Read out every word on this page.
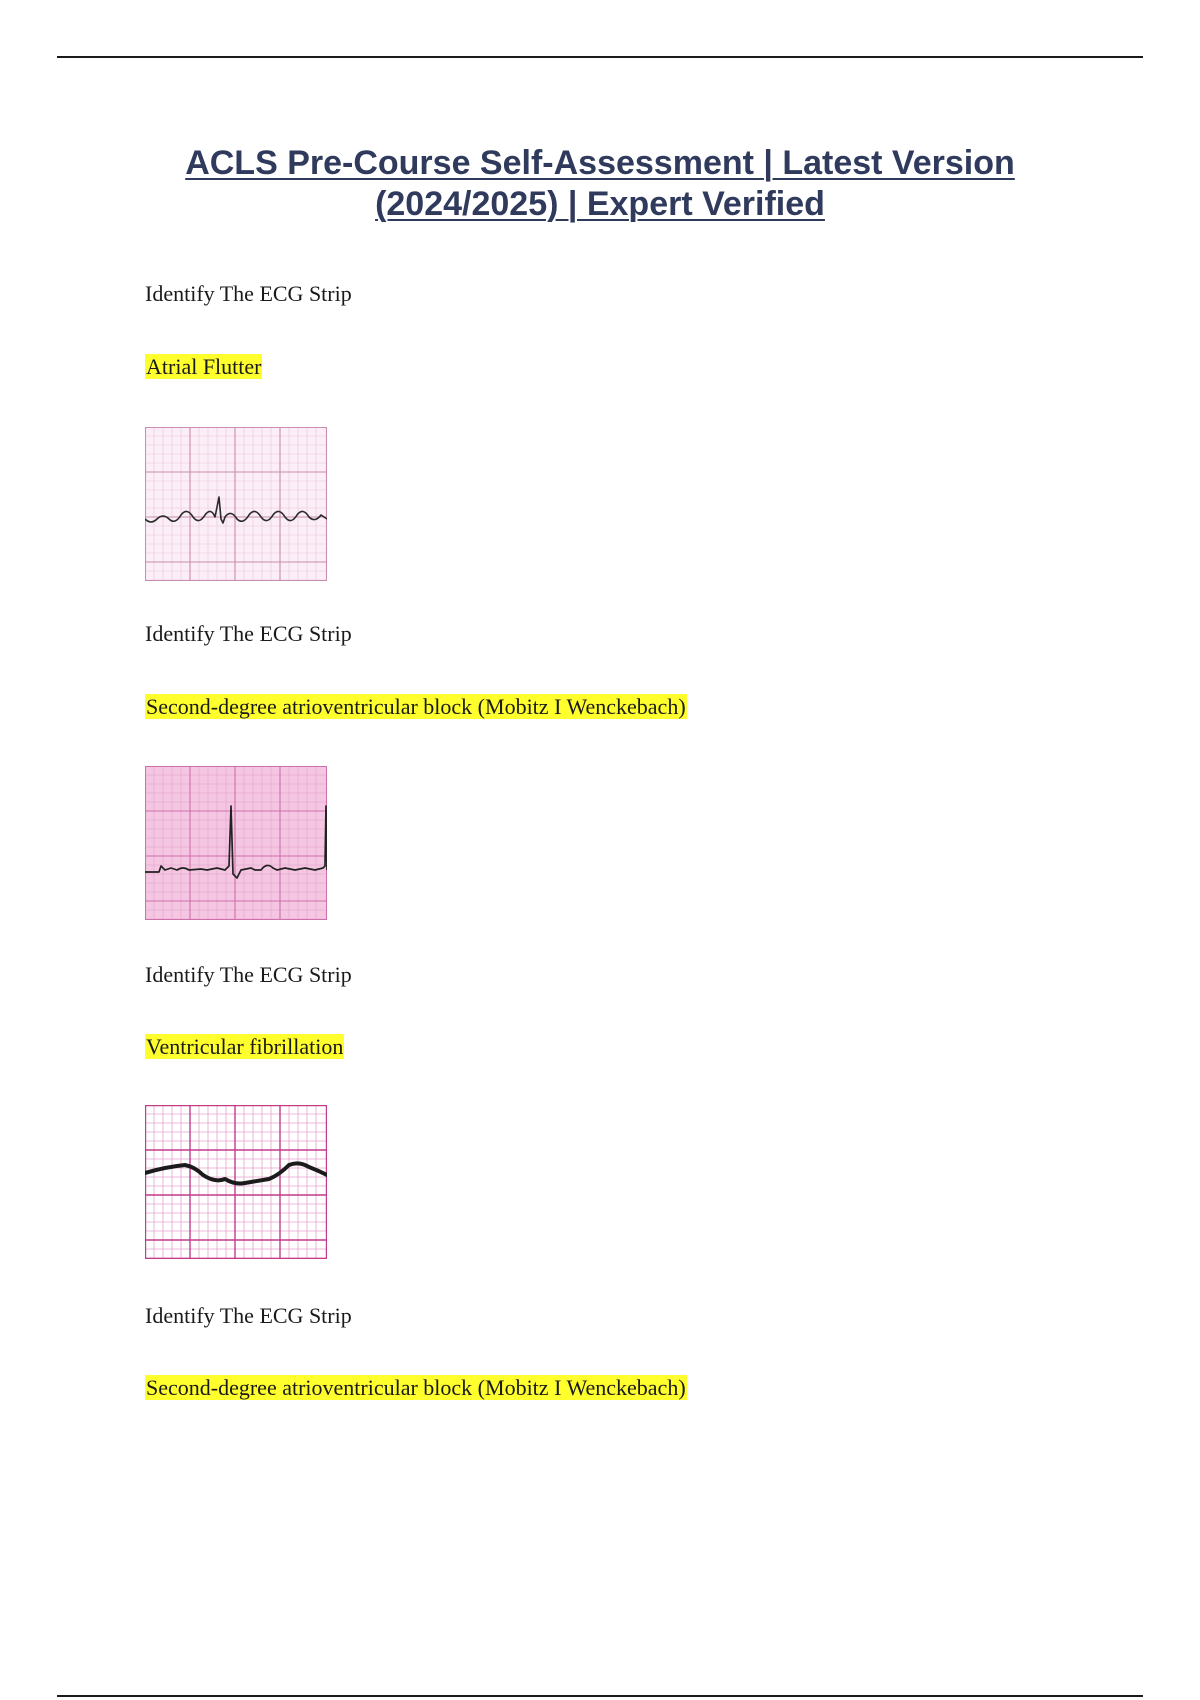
ACLS Pre-Course Self-Assessment | Latest Version
(2024/2025) | Expert Verified
Identify The ECG Strip
Atrial Flutter
Identify The ECG Strip
Second-degree atrioventricular block (Mobitz I Wenckebach)
Identify The ECG Strip
Ventricular fibrillation
Identify The ECG Strip
Second-degree atrioventricular block (Mobitz I Wenckebach)
